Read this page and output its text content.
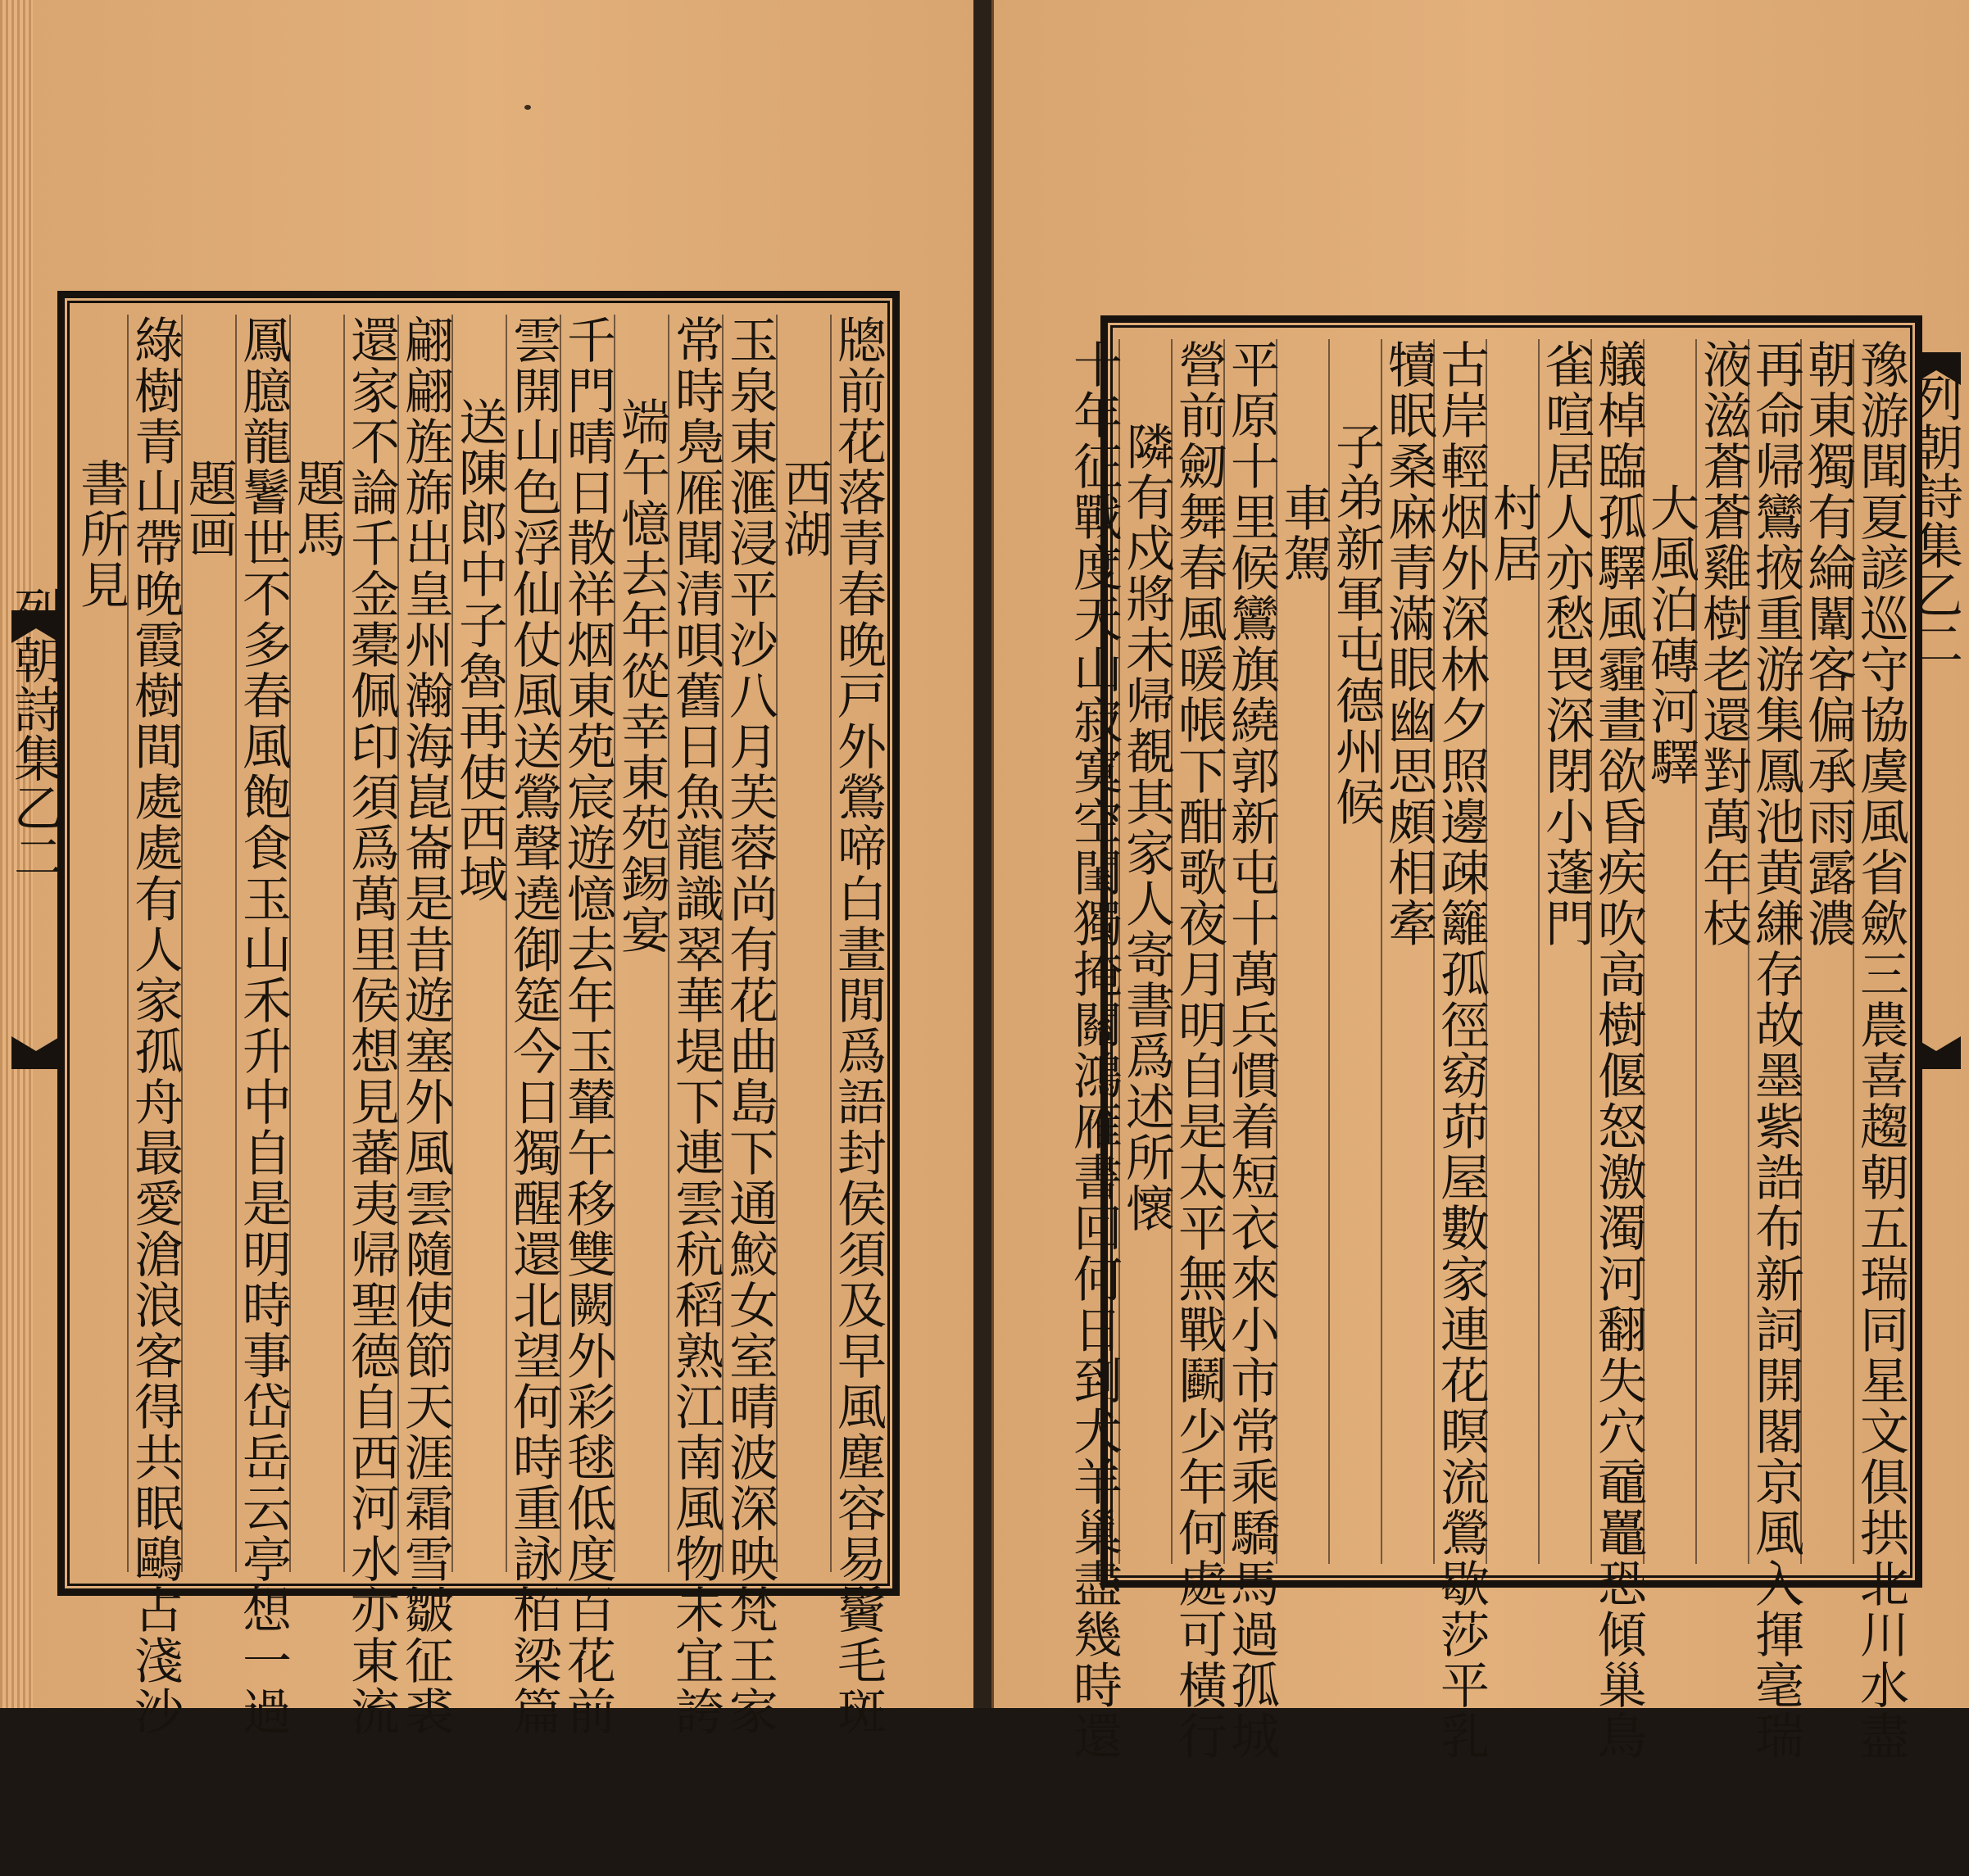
列朝詩集乙二	牕前花落青春晚戸外鶯啼白晝閒爲語封侯須及早風塵容易鬢毛斑
西湖
玉泉東滙浸平沙八月芙蓉尚有花曲島下通鮫女室晴波深映梵王家
常時鳧雁聞清唄舊日魚龍識翠華堤下連雲秔稻熟江南風物未宜誇
端午憶去年從幸東苑錫宴
千門晴日散祥烟東苑宸遊憶去年玉輦午移雙闕外彩毬低度百花前
雲開山色浮仙仗風送鶯聲遶御筵今日獨醒還北望何時重詠栢梁篇
送陳郎中子魯再使西域
翩翩旌旆出皇州瀚海崑崙是昔遊塞外風雲隨使節天涯霜雪皺征裘
還家不論千金橐佩印須爲萬里侯想見蕃夷帰聖德自西河水亦東流
題馬
鳳臆龍鬐世不多春風飽食玉山禾升中自是明時事岱岳云亭想一過
題画
綠樹青山帶晚霞樹間處處有人家孤舟最愛滄浪客得共眠鷗占淺沙
書所見	列朝詩集乙二
豫游聞夏諺巡守協虞風省歛三農喜趨朝五瑞同星文俱拱北川水盡
朝東獨有綸闈客偏承雨露濃
再命帰鸞掖重游集鳳池黄縑存故墨紫誥布新詞開閣京風入揮毫瑞
液滋蒼蒼雞樹老還對萬年枝
大風泊磚河驛
艤棹臨孤驛風霾晝欲昏疾吹高樹偃怒激濁河翻失穴黿鼉恐傾巢鳥
雀喧居人亦愁畏深閉小蓬門
村居
古岸輕烟外深林夕照邊疎籬孤徑窈茆屋數家連花瞑流鶯歇莎平乳
犢眠桑麻青滿眼幽思頗相牽
子弟新軍屯德州候
車駕
平原十里候鸞旗繞郭新屯十萬兵慣着短衣來小市常乘驕馬過孤城
營前劒舞春風暖帳下酣歌夜月明自是太平無戰鬬少年何處可橫行
隣有戍將未帰覩其家人寄書爲述所懷
十年征戰度天山寂寞空閨獨掩關鴻雁書回何日到犬羊巢盡幾時還
